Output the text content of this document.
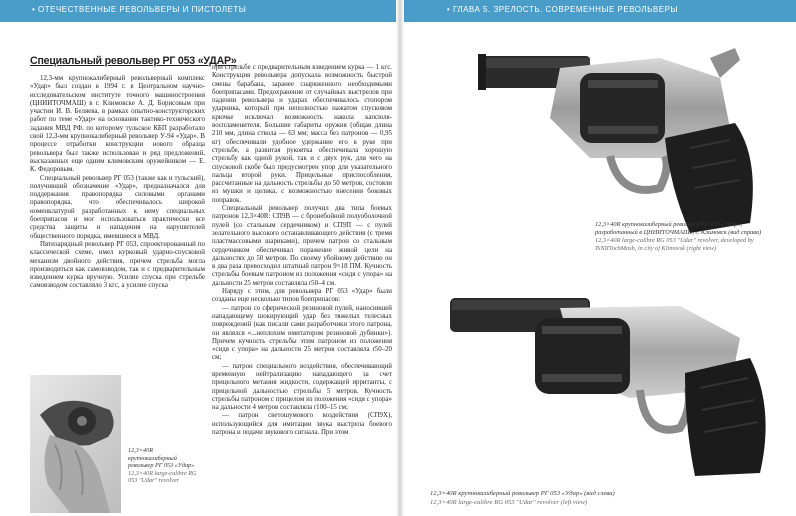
• ОТЕЧЕСТВЕННЫЕ РЕВОЛЬВЕРЫ И ПИСТОЛЕТЫ	• ГЛАВА 5. ЗРЕЛОСТЬ. СОВРЕМЕННЫЕ РЕВОЛЬВЕРЫ
Специальный револьвер РГ 053 «УДАР»

12,3-мм крупнокалиберный револьверный комплекс «Удар» был создан в 1994 г. в Центральном научно-исследовательском институте точного машиностроения (ЦНИИТОЧМАШ) в г. Климовске А. Д. Борисовым при участии И. В. Беляева, в рамках опытно-конструкторских работ по теме «Удар» на основании тактико-технического задания МВД РФ, по которому тульское КБП разработало свой 12,3-мм крупнокалиберный револьвер У-94 «Удар». В процессе отработки конструкции нового образца револьвера был также использован и ряд предложений, высказанных еще одним климовским оружейником — Е. К. Федоровым.

Специальный револьвер РГ 053 (также как и тульский), получивший обозначение «Удар», предназначался для поддержания правопорядка силовыми органами правопорядка, что обеспечивалось широкой номенклатурой разработанных к нему специальных боеприпасов и мог использоваться практически все средства защиты и нападения на нарушителей общественного порядка, имевшиеся в МВД.

Пятизарядный револьвер РГ 053, спроектированный по классической схеме, имел курковый ударно-спусковой механизм двойного действия, причем стрельба могла производиться как самовзводом, так и с предварительным взведением курка вручную. Усилие спуска при стрельбе самовзводом составляло 3 кгс, а усилие спуска

при стрельбе с предварительным взведением курка — 1 кгс. Конструкция револьвера допускала возможность быстрой смены барабана, заранее снаряженного необходимыми боеприпасами. Предохранение от случайных выстрелов при падении револьвера и ударах обеспечивалось стопором ударника, который при неполностью нажатом спусковом крючке исключал возможность накола капсюля-воспламенителя. Большие габариты оружия (общая длина 210 мм, длина ствола — 63 мм; масса без патронов — 0,95 кг) обеспечивали удобное удержание его в руке при стрельбе, а развитая рукоятка обеспечивала хорошую стрельбу как одной рукой, так и с двух рук, для чего на спусковой скобе был предусмотрен упор для указательного пальца второй руки. Прицельные приспособления, рассчитанные на дальность стрельбы до 50 метров, состояли из мушки и целика, с возможностью внесения боковых поправок.

Специальный револьвер получил два типа боевых патронов 12,3×40R: СП9В — с бронебойной полуоболочной пулей (со стальным сердечником) и СП9П — с пулей зелательного высокого останавливающего действия (с тремя пластмассовыми шариками), причем патрон со стальным сердечником обеспечивал поражение живой цели на дальностях до 50 метров. По своему убойному действию он в два раза превосходил штатный патрон 9×18 ПМ. Кучность стрельбы боевым патроном из положения «сидя с упора» на дальности 25 метров составляла r50–4 см.

Наряду с этим, для револьвера РГ 053 «Удар» были созданы еще несколько типов боеприпасов:

— патрон со сферической резиновой пулей, наносившей нападающему шокирующий удар без тяжелых телесных повреждений (как писали сами разработчики этого патрона, он являлся «...неплохим имитатором резиновой дубинки»). Причем кучность стрельбы этим патроном из положения «сидя с упора» на дальности 25 метров составляла r50–20 см;

— патрон специального воздействия, обеспечивающий временную нейтрализацию нападающего за счет прицельного метания жидкости, содержащей ирританты, с прицельной дальностью стрельбы 5 метров. Кучность стрельбы патроном с прицелом из положения «сидя с упора» на дальности 4 метров составляла r100–15 см;

— патрон светошумового воздействия (СП9Х), использующийся для имитации звука выстрела боевого патрона и подачи звукового сигнала. При этом

12,3×40R крупнокалиберный револьвер РГ 053 «Удар»
12,3×40R large-calibre RG 053 "Udar" revolver
12,3×40R крупнокалиберный револьвер РГ 053 «Удар», разработанный в ЦНИИТОЧМАШе, г. Климовск (вид справа)
12,3×40R large-calibre RG 053 "Udar" revolver, developed by TsNIITochMash, in city of Klimovsk (right view)
12,3×40R крупнокалиберный револьвер РГ 053 «Удар» (вид слева)
12,3×40R large-calibre RG 053 "Udar" revolver (left view)
